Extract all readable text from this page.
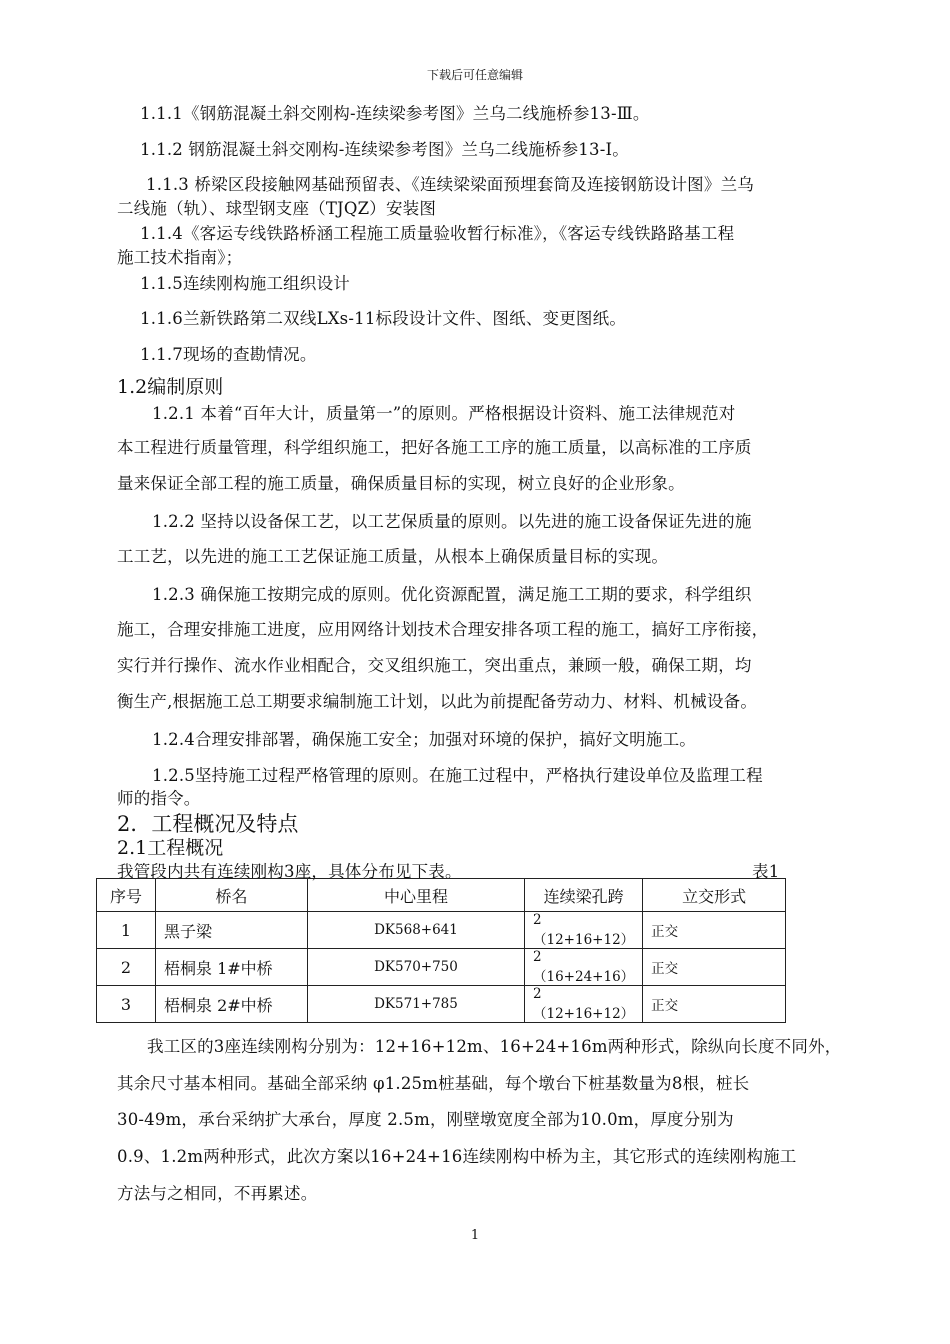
下载后可任意编辑
1.1.1《钢筋混凝土斜交刚构-连续梁参考图》兰乌二线施桥参13-Ⅲ。
1.1.2 钢筋混凝土斜交刚构-连续梁参考图》兰乌二线施桥参13-Ⅰ。
1.1.3 桥梁区段接触网基础预留表、《连续梁梁面预埋套筒及连接钢筋设计图》兰乌
二线施（轨）、球型钢支座（TJQZ）安装图
1.1.4《客运专线铁路桥涵工程施工质量验收暂行标准》，《客运专线铁路路基工程
施工技术指南》；
1.1.5连续刚构施工组织设计
1.1.6兰新铁路第二双线LXs-11标段设计文件、图纸、变更图纸。
1.1.7现场的查勘情况。
1.2编制原则
1.2.1 本着“百年大计，质量第一”的原则。严格根据设计资料、施工法律规范对
本工程进行质量管理，科学组织施工，把好各施工工序的施工质量，以高标准的工序质
量来保证全部工程的施工质量，确保质量目标的实现，树立良好的企业形象。
1.2.2 坚持以设备保工艺，以工艺保质量的原则。以先进的施工设备保证先进的施
工工艺，以先进的施工工艺保证施工质量，从根本上确保质量目标的实现。
1.2.3 确保施工按期完成的原则。优化资源配置，满足施工工期的要求，科学组织
施工，合理安排施工进度，应用网络计划技术合理安排各项工程的施工，搞好工序衔接，
实行并行操作、流水作业相配合，交叉组织施工，突出重点，兼顾一般，确保工期，均
衡生产,根据施工总工期要求编制施工计划，以此为前提配备劳动力、材料、机械设备。
1.2.4合理安排部署，确保施工安全；加强对环境的保护，搞好文明施工。
1.2.5坚持施工过程严格管理的原则。在施工过程中，严格执行建设单位及监理工程
师的指令。
2．工程概况及特点
2.1工程概况
我管段内共有连续刚构3座，具体分布见下表。	表1
序号	桥名	中心里程	连续梁孔跨	立交形式
1	黑子梁	DK568+641	2（12+16+12）	正交
2	梧桐泉 1#中桥	DK570+750	2（16+24+16）	正交
3	梧桐泉 2#中桥	DK571+785	2（12+16+12）	正交
我工区的3座连续刚构分别为：12+16+12m、16+24+16m两种形式，除纵向长度不同外，
其余尺寸基本相同。基础全部采纳 φ1.25m桩基础，每个墩台下桩基数量为8根，桩长
30-49m，承台采纳扩大承台，厚度 2.5m，刚壁墩宽度全部为10.0m，厚度分别为
0.9、1.2m两种形式，此次方案以16+24+16连续刚构中桥为主，其它形式的连续刚构施工
方法与之相同，不再累述。
1
